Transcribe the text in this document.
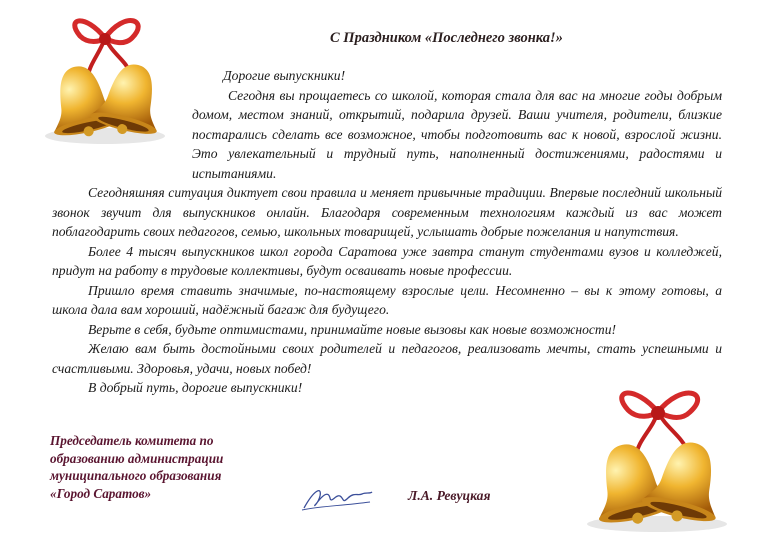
С Праздником «Последнего звонка!»

Дорогие выпускники!

Сегодня вы прощаетесь со школой, которая стала для вас на многие годы добрым домом, местом знаний, открытий, подарила друзей. Ваши учителя, родители, близкие постарались сделать все возможное, чтобы подготовить вас к новой, взрослой жизни. Это увлекательный и трудный путь, наполненный достижениями, радостями и испытаниями.

Сегодняшняя ситуация диктует свои правила и меняет привычные традиции. Впервые последний школьный звонок звучит для выпускников онлайн. Благодаря современным технологиям каждый из вас может поблагодарить своих педагогов, семью, школьных товарищей, услышать добрые пожелания и напутствия.

Более 4 тысяч выпускников школ города Саратова уже завтра станут студентами вузов и колледжей, придут на работу в трудовые коллективы, будут осваивать новые профессии.

Пришло время ставить значимые, по-настоящему взрослые цели. Несомненно – вы к этому готовы, а школа дала вам хороший, надёжный багаж для будущего.

Верьте в себя, будьте оптимистами, принимайте новые вызовы как новые возможности!

Желаю вам быть достойными своих родителей и педагогов, реализовать мечты, стать успешными и счастливыми. Здоровья, удачи, новых побед!

В добрый путь, дорогие выпускники!

Председатель комитета по
образованию администрации
муниципального образования
«Город Саратов»	Л.А. Ревуцкая
